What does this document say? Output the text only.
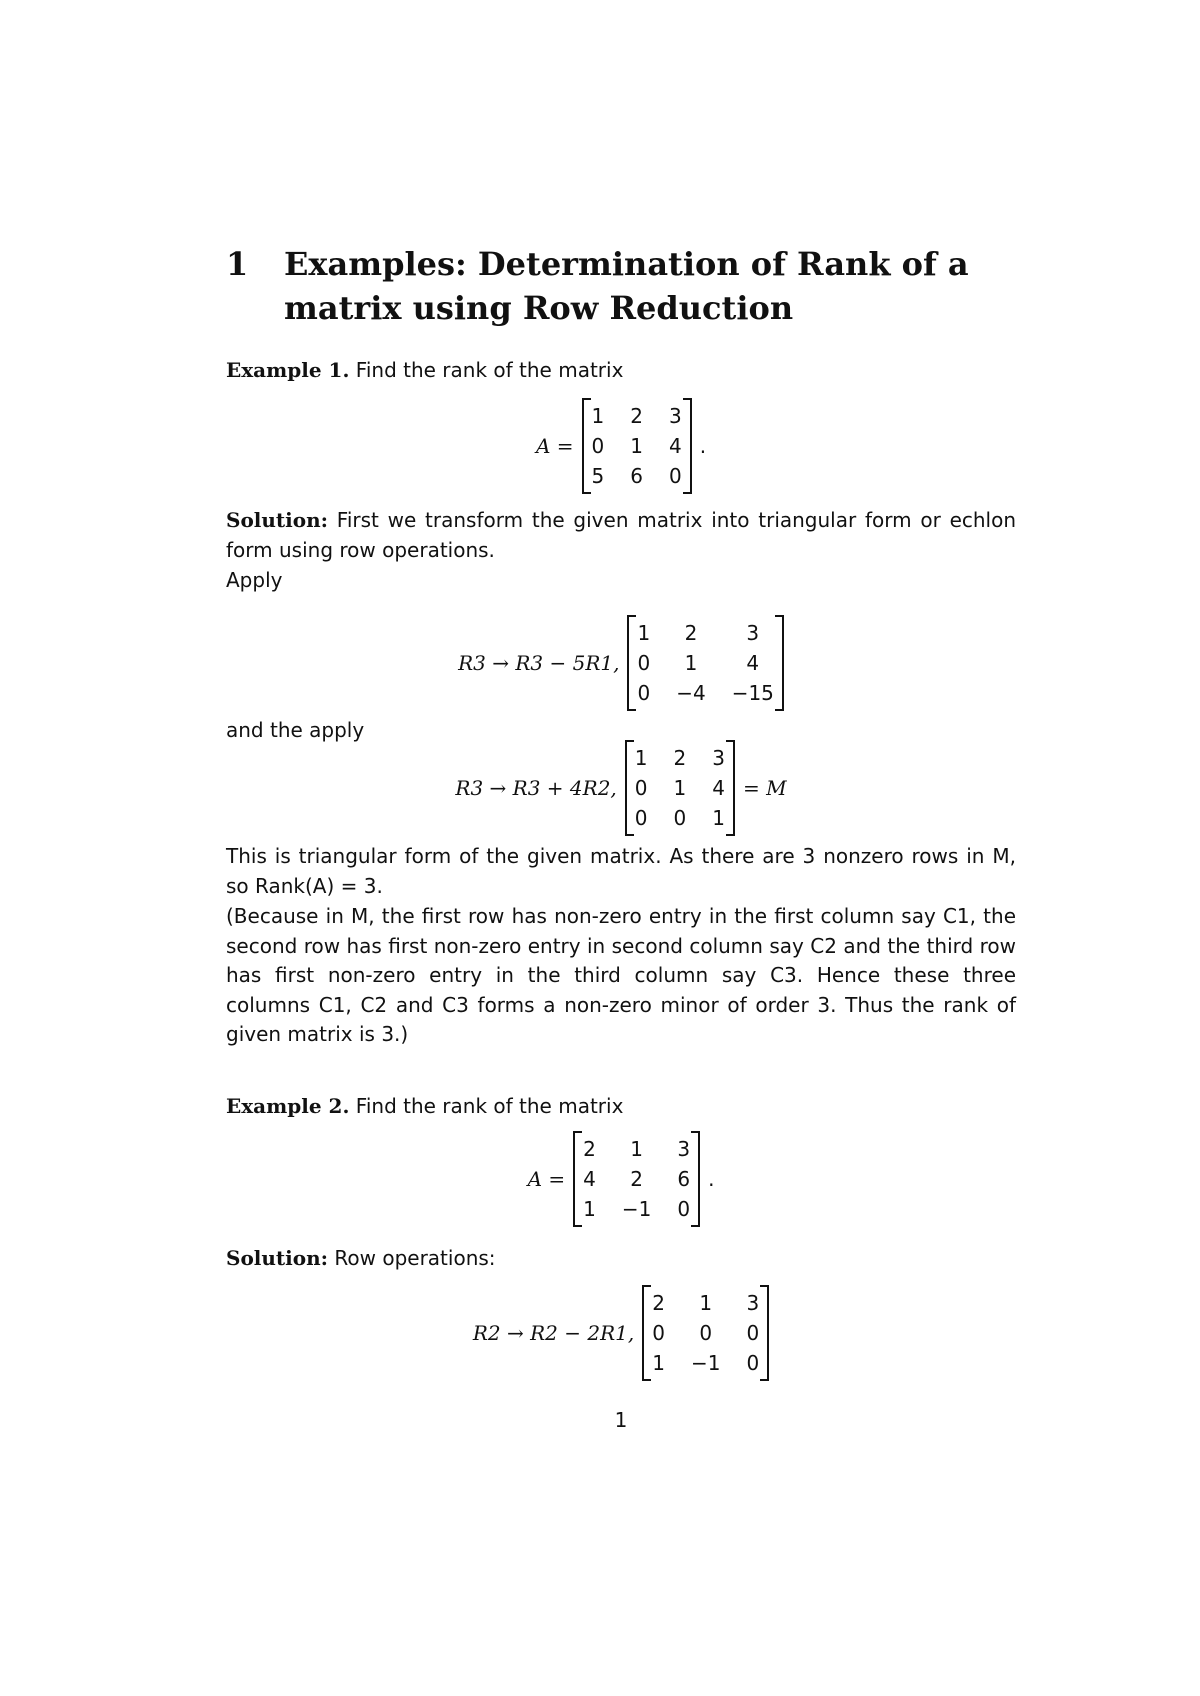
1 Examples: Determination of Rank of a matrix using Row Reduction
Example 1. Find the rank of the matrix
A =
1 2 3
0 1 4
5 6 0
.
Solution: First we transform the given matrix into triangular form or echlon form using row operations.
Apply
R3 → R3 − 5R1,
1	2	3
0	1	4
0 −4 −15
and the apply
R3 → R3 + 4R2,
1 2 3
0 1 4
0 0 1
= M
This is triangular form of the given matrix. As there are 3 nonzero rows in M, so Rank(A) = 3.
(Because in M, the first row has non-zero entry in the first column say C1, the second row has first non-zero entry in second column say C2 and the third row has first non-zero entry in the third column say C3. Hence these three columns C1, C2 and C3 forms a non-zero minor of order 3. Thus the rank of given matrix is 3.)
Example 2. Find the rank of the matrix
A =
2	1	3
4	2	6
1 −1 0
.
Solution: Row operations:
R2 → R2 − 2R1,
2	1	3
0	0	0
1 −1 0
1
